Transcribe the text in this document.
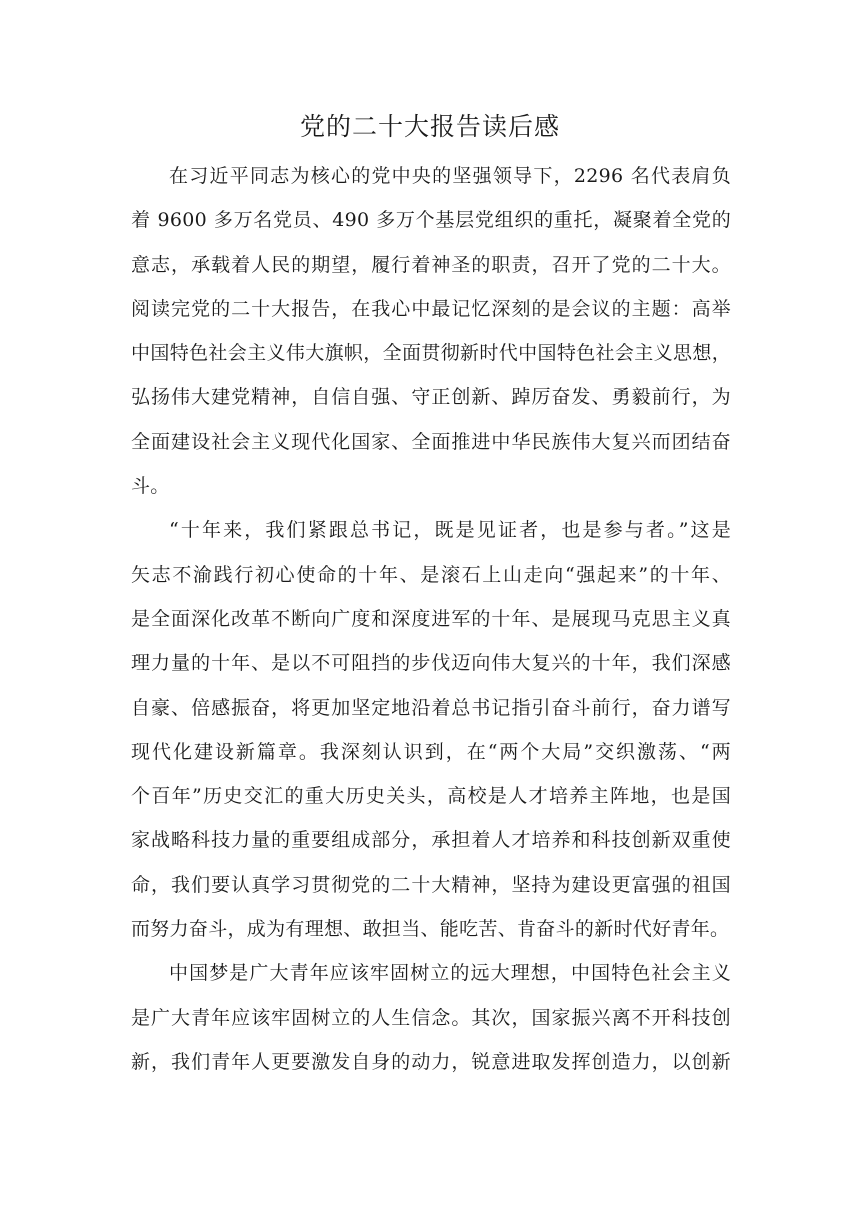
党的二十大报告读后感
在习近平同志为核心的党中央的坚强领导下，2296 名代表肩负
着 9600 多万名党员、490 多万个基层党组织的重托，凝聚着全党的
意志，承载着人民的期望，履行着神圣的职责，召开了党的二十大。
阅读完党的二十大报告，在我心中最记忆深刻的是会议的主题：高举
中国特色社会主义伟大旗帜，全面贯彻新时代中国特色社会主义思想，
弘扬伟大建党精神，自信自强、守正创新、踔厉奋发、勇毅前行，为
全面建设社会主义现代化国家、全面推进中华民族伟大复兴而团结奋
斗。
“十年来，我们紧跟总书记，既是见证者，也是参与者。”这是
矢志不渝践行初心使命的十年、是滚石上山走向“强起来”的十年、
是全面深化改革不断向广度和深度进军的十年、是展现马克思主义真
理力量的十年、是以不可阻挡的步伐迈向伟大复兴的十年，我们深感
自豪、倍感振奋，将更加坚定地沿着总书记指引奋斗前行，奋力谱写
现代化建设新篇章。我深刻认识到，在“两个大局”交织激荡、“两
个百年”历史交汇的重大历史关头，高校是人才培养主阵地，也是国
家战略科技力量的重要组成部分，承担着人才培养和科技创新双重使
命，我们要认真学习贯彻党的二十大精神，坚持为建设更富强的祖国
而努力奋斗，成为有理想、敢担当、能吃苦、肯奋斗的新时代好青年。
中国梦是广大青年应该牢固树立的远大理想，中国特色社会主义
是广大青年应该牢固树立的人生信念。其次，国家振兴离不开科技创
新，我们青年人更要激发自身的动力，锐意进取发挥创造力，以创新
